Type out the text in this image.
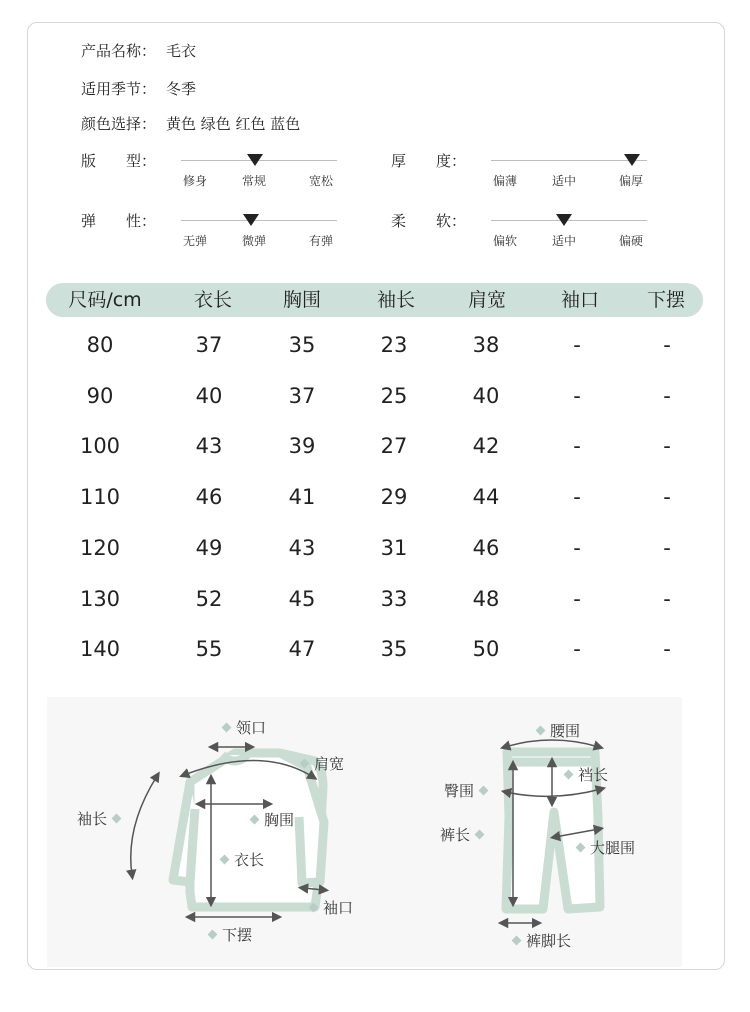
产品名称： 毛衣
适用季节： 冬季
颜色选择： 黄色 绿色 红色 蓝色
版　　型：
修身	常规	宽松
厚　　度：
偏薄	适中	偏厚
弹　　性：
无弹	微弹	有弹
柔　　软：
偏软	适中	偏硬
尺码/cm	衣长	胸围	袖长	肩宽	袖口	下摆
80	37	35	23	38	-	-
90	40	37	25	40	-	-
100	43	39	27	42	-	-
110	46	41	29	44	-	-
120	49	43	31	46	-	-
130	52	45	33	48	-	-
140	55	47	35	50	-	-
领口
肩宽
袖长	胸围
衣长
袖口
下摆
腰围
裆长
臀围
裤长
大腿围
裤脚长
